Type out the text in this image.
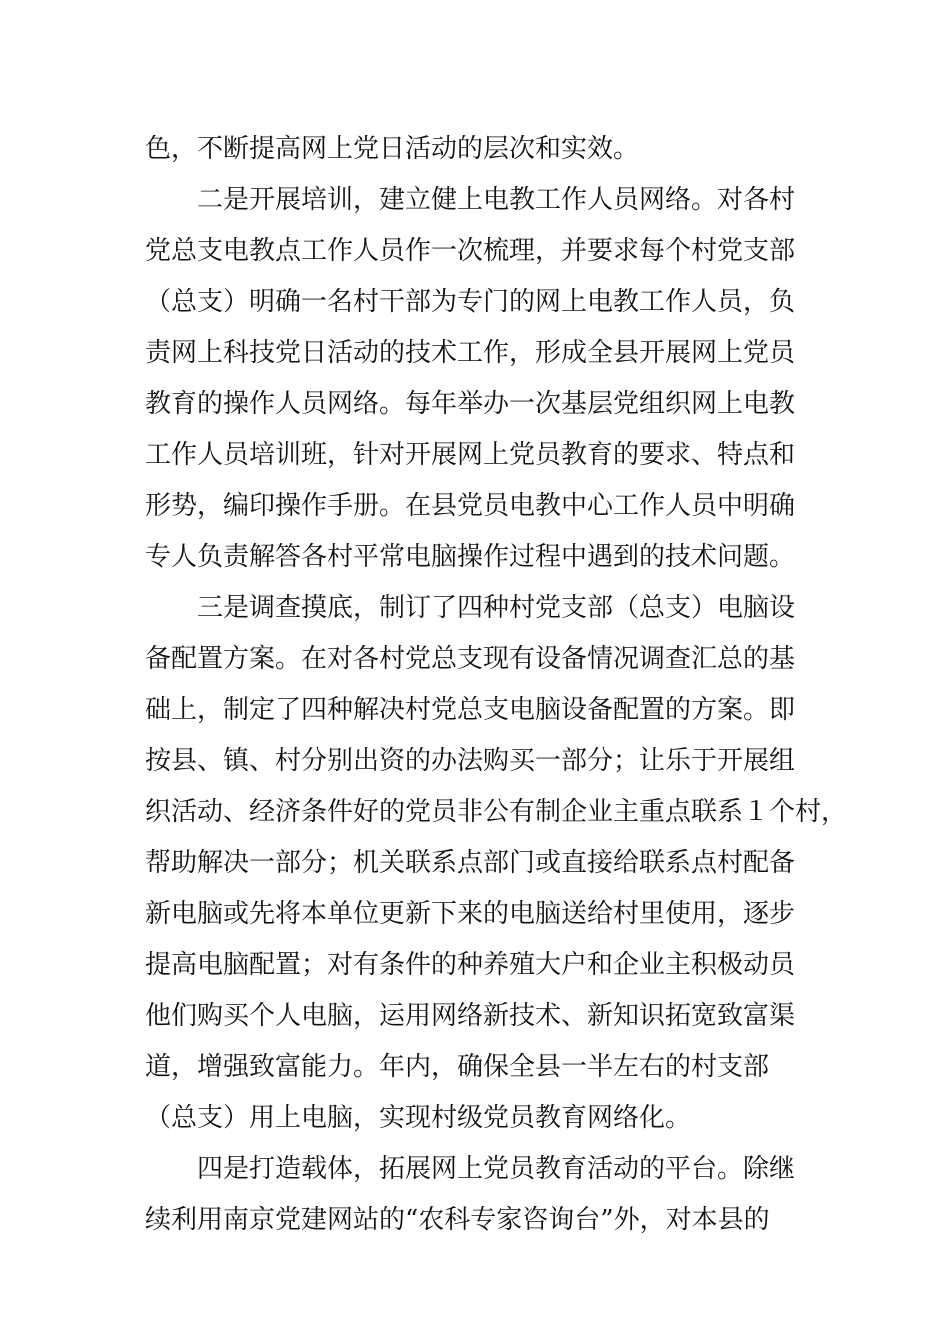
色，不断提高网上党日活动的层次和实效。
二是开展培训，建立健上电教工作人员网络。对各村
党总支电教点工作人员作一次梳理，并要求每个村党支部
（总支）明确一名村干部为专门的网上电教工作人员，负
责网上科技党日活动的技术工作，形成全县开展网上党员
教育的操作人员网络。每年举办一次基层党组织网上电教
工作人员培训班，针对开展网上党员教育的要求、特点和
形势，编印操作手册。在县党员电教中心工作人员中明确
专人负责解答各村平常电脑操作过程中遇到的技术问题。
三是调查摸底，制订了四种村党支部（总支）电脑设
备配置方案。在对各村党总支现有设备情况调查汇总的基
础上，制定了四种解决村党总支电脑设备配置的方案。即
按县、镇、村分别出资的办法购买一部分；让乐于开展组
织活动、经济条件好的党员非公有制企业主重点联系１个村，
帮助解决一部分；机关联系点部门或直接给联系点村配备
新电脑或先将本单位更新下来的电脑送给村里使用，逐步
提高电脑配置；对有条件的种养殖大户和企业主积极动员
他们购买个人电脑，运用网络新技术、新知识拓宽致富渠
道，增强致富能力。年内，确保全县一半左右的村支部
（总支）用上电脑，实现村级党员教育网络化。
四是打造载体，拓展网上党员教育活动的平台。除继
续利用南京党建网站的“农科专家咨询台”外，对本县的
